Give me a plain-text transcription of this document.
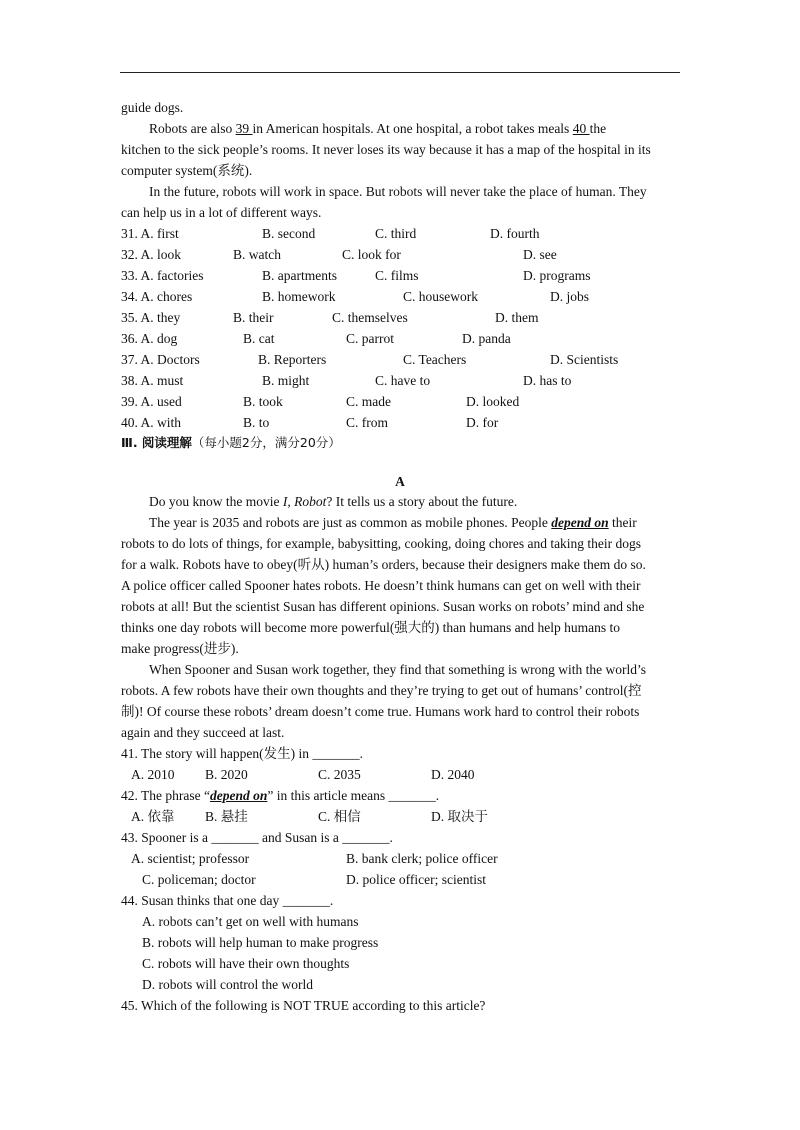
guide dogs.
Robots are also 39 in American hospitals. At one hospital, a robot takes meals 40 the
kitchen to the sick people’s rooms. It never loses its way because it has a map of the hospital in its
computer system(系统).
In the future, robots will work in space. But robots will never take the place of human. They
can help us in a lot of different ways.
31. A. first	B. second	C. third	D. fourth
32. A. look	B. watch	C. look for	D. see
33. A. factories	B. apartments	C. films	D. programs
34. A. chores	B. homework	C. housework	D. jobs
35. A. they	B. their	C. themselves	D. them
36. A. dog	B. cat	C. parrot	D. panda
37. A. Doctors	B. Reporters	C. Teachers	D. Scientists
38. A. must	B. might	C. have to	D. has to
39. A. used	B. took	C. made	D. looked
40. A. with	B. to	C. from	D. for
Ⅲ. 阅读理解（每小题2分，满分20分）
A
Do you know the movie I, Robot? It tells us a story about the future.
The year is 2035 and robots are just as common as mobile phones. People depend on their
robots to do lots of things, for example, babysitting, cooking, doing chores and taking their dogs
for a walk. Robots have to obey(听从) human’s orders, because their designers make them do so.
A police officer called Spooner hates robots. He doesn’t think humans can get on well with their
robots at all! But the scientist Susan has different opinions. Susan works on robots’ mind and she
thinks one day robots will become more powerful(强大的) than humans and help humans to
make progress(进步).
When Spooner and Susan work together, they find that something is wrong with the world’s
robots. A few robots have their own thoughts and they’re trying to get out of humans’ control(控
制)! Of course these robots’ dream doesn’t come true. Humans work hard to control their robots
again and they succeed at last.
41. The story will happen(发生) in _______.
A. 2010 B. 2020	C. 2035	D. 2040
42. The phrase “depend on” in this article means _______.
A. 依靠 B. 悬挂	C. 相信	D. 取决于
43. Spooner is a _______ and Susan is a _______.
A. scientist; professor	B. bank clerk; police officer
C. policeman; doctor	D. police officer; scientist
44. Susan thinks that one day _______.
A. robots can’t get on well with humans
B. robots will help human to make progress
C. robots will have their own thoughts
D. robots will control the world
45. Which of the following is NOT TRUE according to this article?
